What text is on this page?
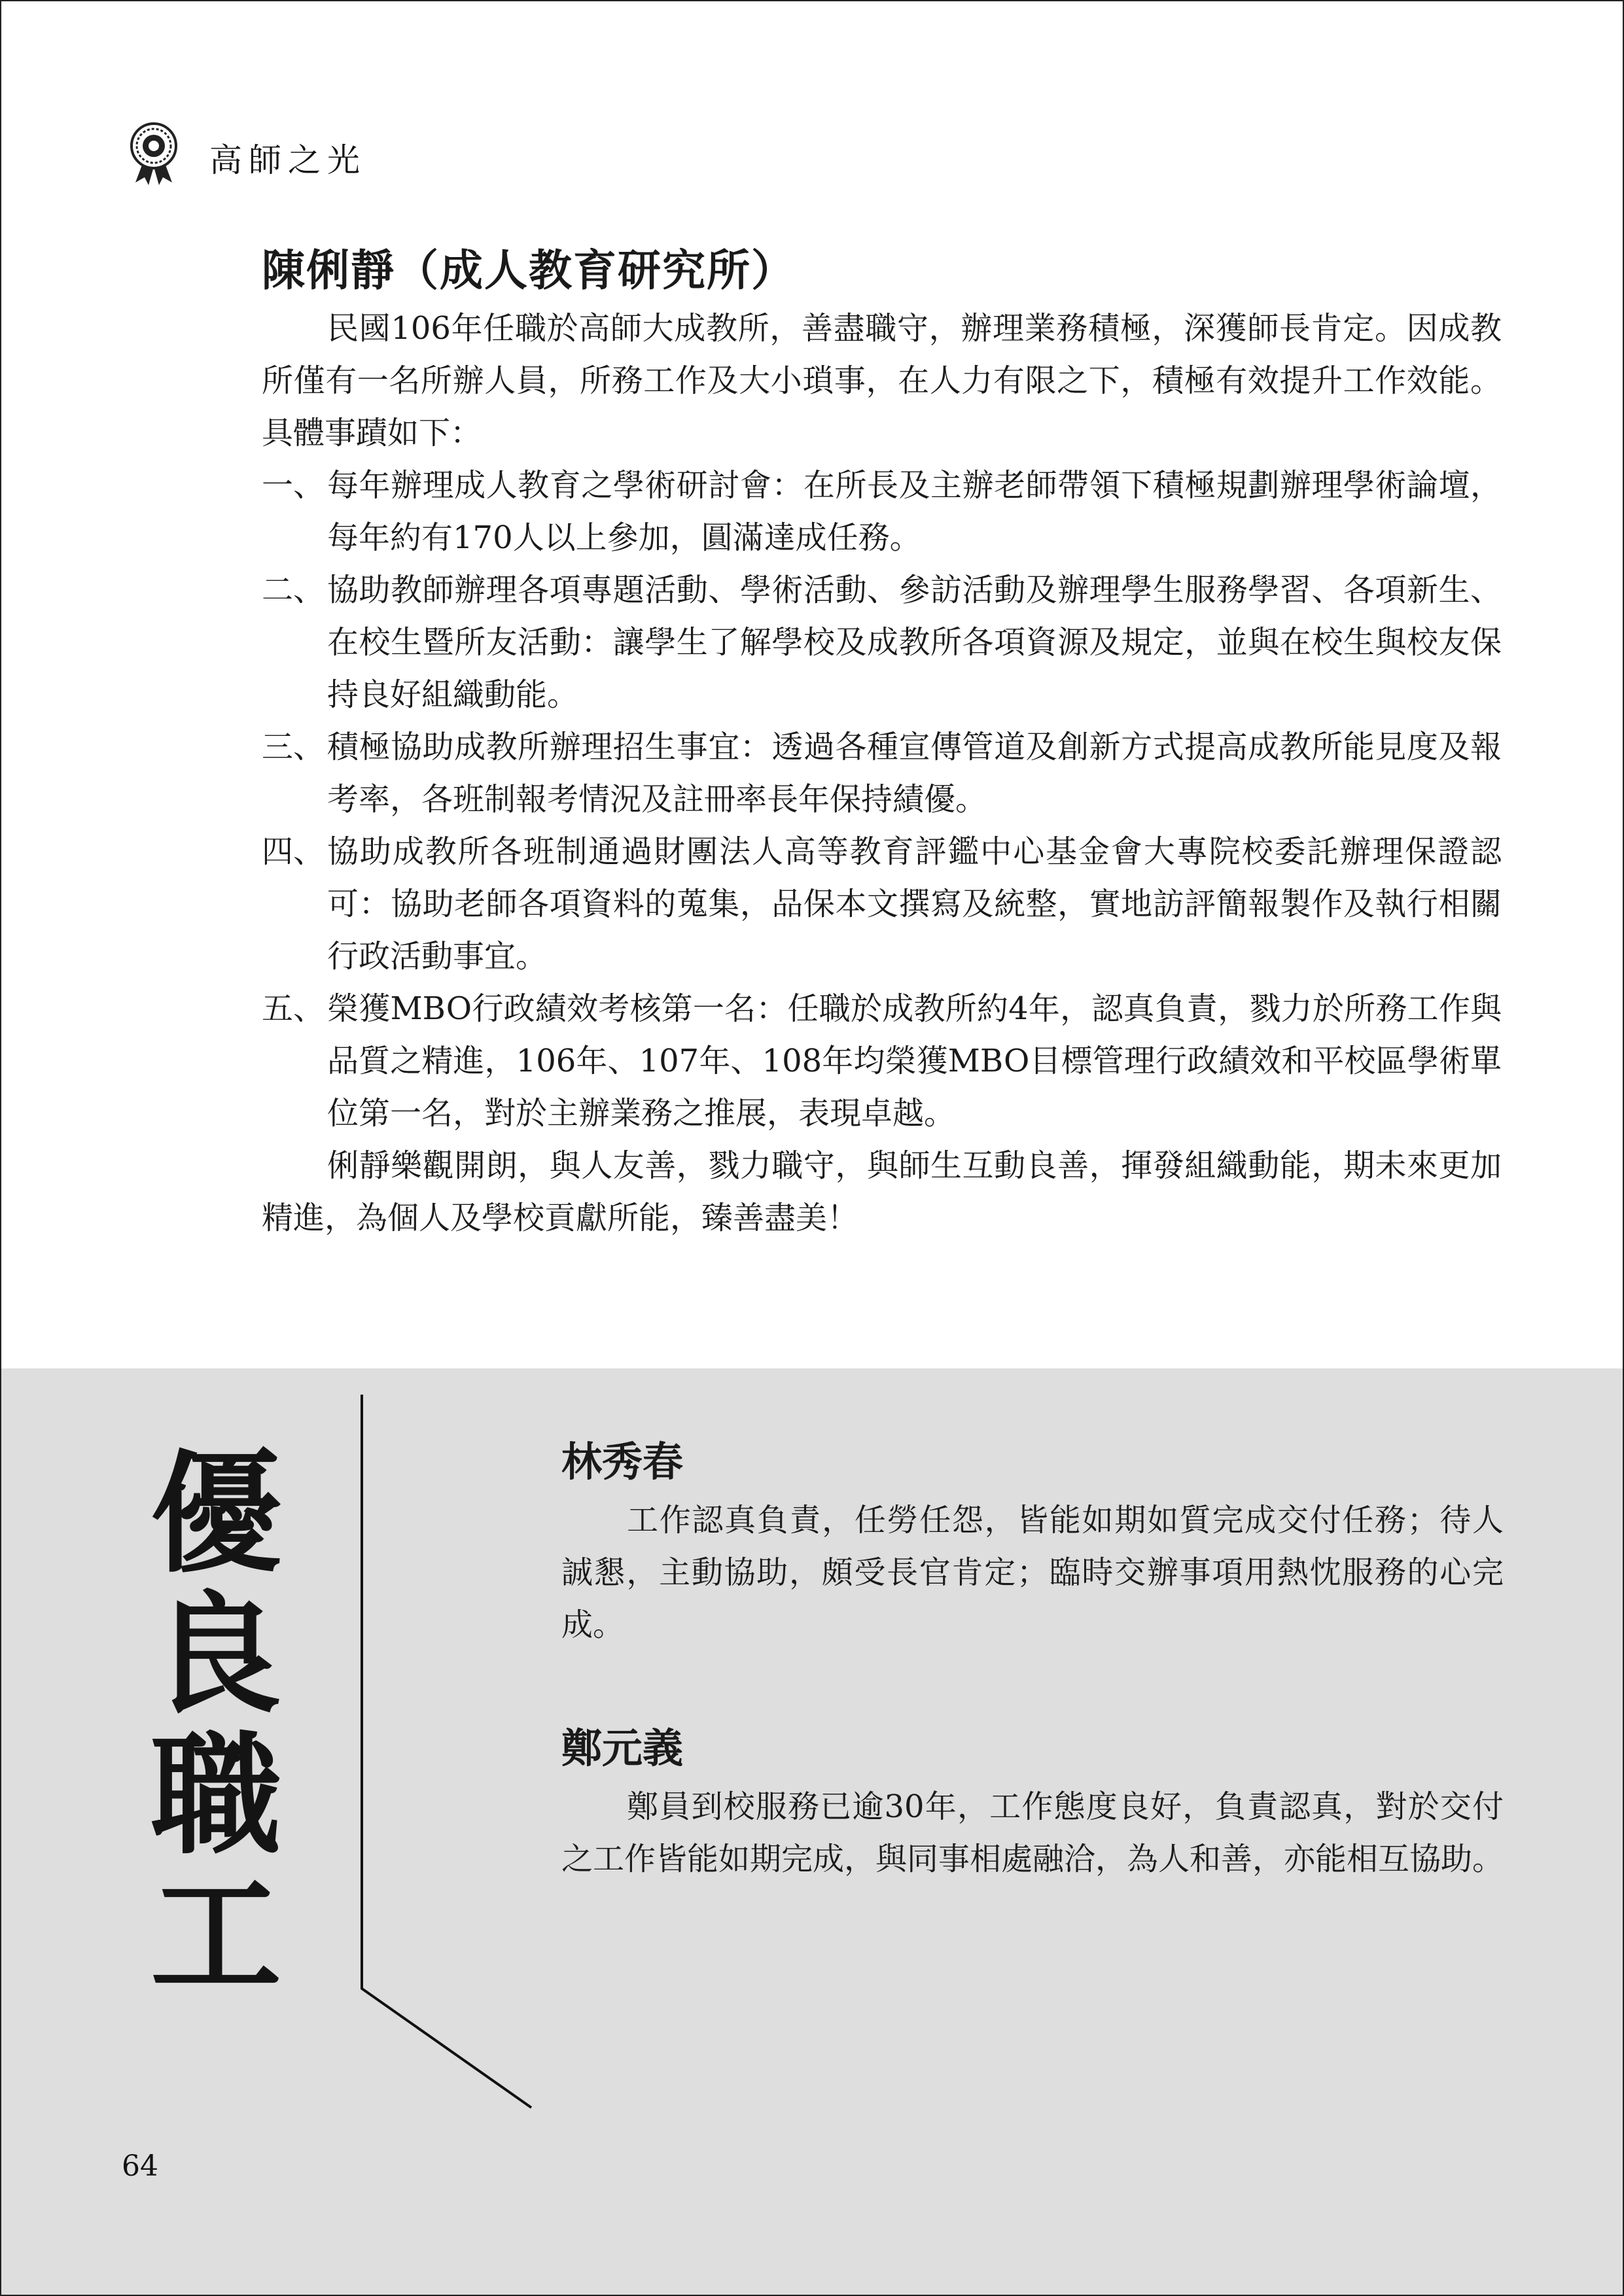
高師之光
陳俐靜（成人教育研究所）

民國106年任職於高師大成教所，善盡職守，辦理業務積極，深獲師長肯定。因成教所僅有一名所辦人員，所務工作及大小瑣事，在人力有限之下，積極有效提升工作效能。具體事蹟如下：

一、 每年辦理成人教育之學術研討會：在所長及主辦老師帶領下積極規劃辦理學術論壇，每年約有170人以上參加，圓滿達成任務。
二、 協助教師辦理各項專題活動、學術活動、參訪活動及辦理學生服務學習、各項新生、在校生暨所友活動：讓學生了解學校及成教所各項資源及規定，並與在校生與校友保持良好組織動能。
三、 積極協助成教所辦理招生事宜：透過各種宣傳管道及創新方式提高成教所能見度及報考率，各班制報考情況及註冊率長年保持績優。
四、 協助成教所各班制通過財團法人高等教育評鑑中心基金會大專院校委託辦理保證認可：協助老師各項資料的蒐集，品保本文撰寫及統整，實地訪評簡報製作及執行相關行政活動事宜。
五、 榮獲MBO行政績效考核第一名：任職於成教所約4年，認真負責，戮力於所務工作與品質之精進，106年、107年、108年均榮獲MBO目標管理行政績效和平校區學術單位第一名，對於主辦業務之推展，表現卓越。

俐靜樂觀開朗，與人友善，戮力職守，與師生互動良善，揮發組織動能，期未來更加精進，為個人及學校貢獻所能，臻善盡美！

優
良
職
工
林秀春

工作認真負責，任勞任怨，皆能如期如質完成交付任務；待人誠懇，主動協助，頗受長官肯定；臨時交辦事項用熱忱服務的心完成。

鄭元義

鄭員到校服務已逾30年，工作態度良好，負責認真，對於交付之工作皆能如期完成，與同事相處融洽，為人和善，亦能相互協助。

64
